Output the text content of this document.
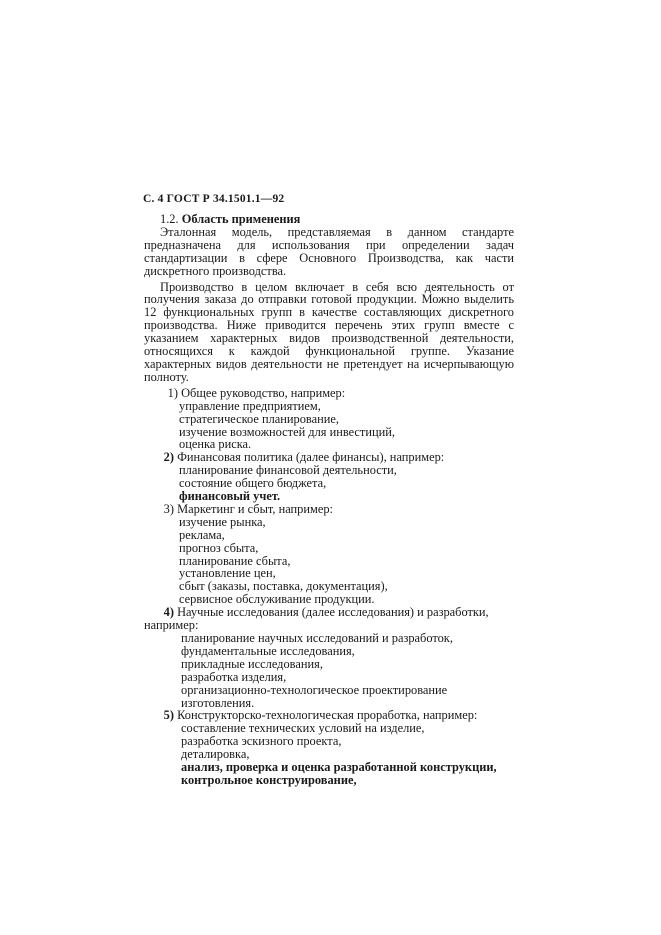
С. 4 ГОСТ Р 34.1501.1—92
1.2. Область применения

Эталонная модель, представляемая в данном стандарте предназначена для использования при определении задач стандартизации в сфере Основного Производства, как части дискретного производства.

Производство в целом включает в себя всю деятельность от получения заказа до отправки готовой продукции. Можно выделить 12 функциональных групп в качестве составляющих дискретного производства. Ниже приводится перечень этих групп вместе с указанием характерных видов производственной деятельности, относящихся к каждой функциональной группе. Указание характерных видов деятельности не претендует на исчерпывающую полноту.

1) Общее руководство, например:
управление предприятием,
стратегическое планирование,
изучение возможностей для инвестиций,
оценка риска.
2) Финансовая политика (далее финансы), например:
планирование финансовой деятельности,
состояние общего бюджета,
финансовый учет.
3) Маркетинг и сбыт, например:
изучение рынка,
реклама,
прогноз сбыта,
планирование сбыта,
установление цен,
сбыт (заказы, поставка, документация),
сервисное обслуживание продукции.
4) Научные исследования (далее исследования) и разработки,
например:
планирование научных исследований и разработок,
фундаментальные исследования,
прикладные исследования,
разработка изделия,
организационно-технологическое проектирование
изготовления.
5) Конструкторско-технологическая проработка, например:
составление технических условий на изделие,
разработка эскизного проекта,
деталировка,
анализ, проверка и оценка разработанной конструкции,
контрольное конструирование,
